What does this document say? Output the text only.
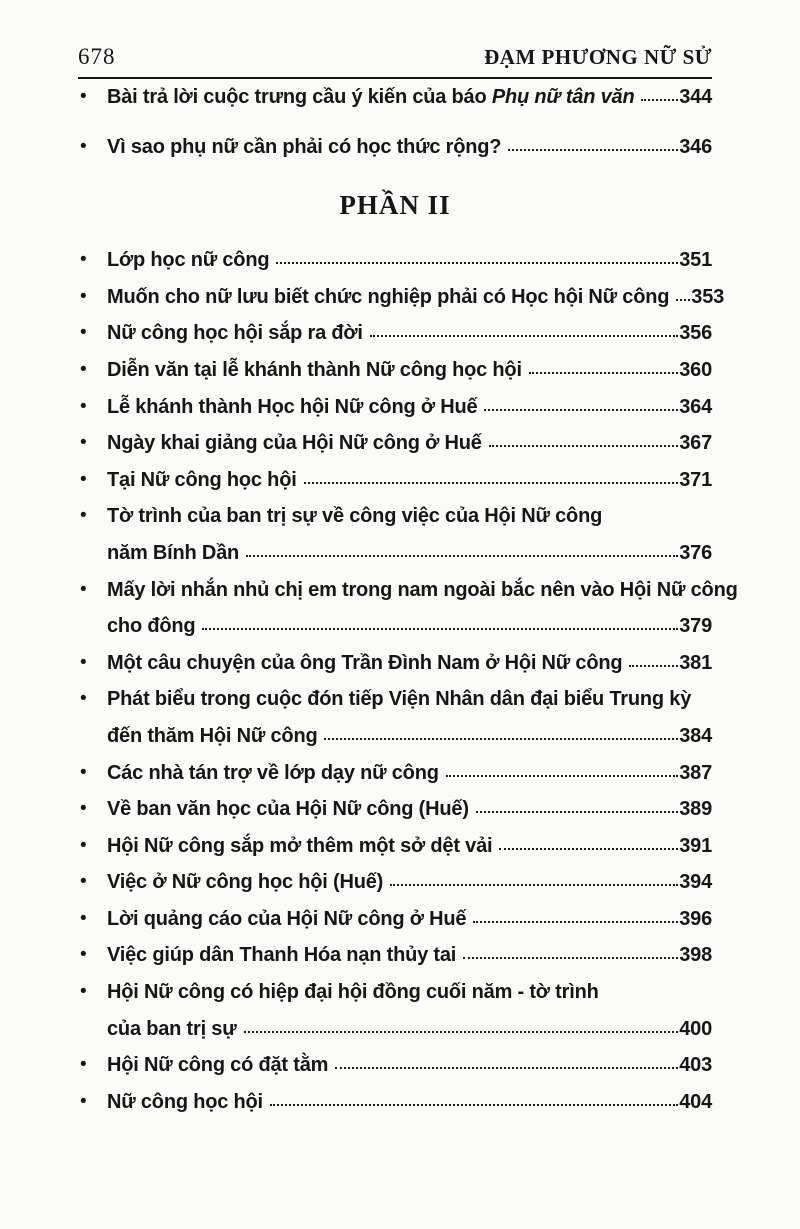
678	ĐẠM PHƯƠNG NỮ SỬ
•	Bài trả lời cuộc trưng cầu ý kiến của báo Phụ nữ tân văn 344
•	Vì sao phụ nữ cần phải có học thức rộng?	346
PHẦN II
•	Lớp học nữ công	351
•	Muốn cho nữ lưu biết chức nghiệp phải có Học hội Nữ công 353
•	Nữ công học hội sắp ra đời	356
•	Diễn văn tại lễ khánh thành Nữ công học hội	360
•	Lễ khánh thành Học hội Nữ công ở Huế	364
•	Ngày khai giảng của Hội Nữ công ở Huế	367
•	Tại Nữ công học hội	371
•	Tờ trình của ban trị sự về công việc của Hội Nữ công
năm Bính Dần	376
•	Mấy lời nhắn nhủ chị em trong nam ngoài bắc nên vào Hội Nữ công
cho đông	379
•	Một câu chuyện của ông Trần Đình Nam ở Hội Nữ công	381
•	Phát biểu trong cuộc đón tiếp Viện Nhân dân đại biểu Trung kỳ
đến thăm Hội Nữ công	384
•	Các nhà tán trợ về lớp dạy nữ công	387
•	Về ban văn học của Hội Nữ công (Huế)	389
•	Hội Nữ công sắp mở thêm một sở dệt vải	391
•	Việc ở Nữ công học hội (Huế)	394
•	Lời quảng cáo của Hội Nữ công ở Huế	396
•	Việc giúp dân Thanh Hóa nạn thủy tai	398
•	Hội Nữ công có hiệp đại hội đồng cuối năm - tờ trình
của ban trị sự	400
•	Hội Nữ công có đặt tằm	403
•	Nữ công học hội	404
